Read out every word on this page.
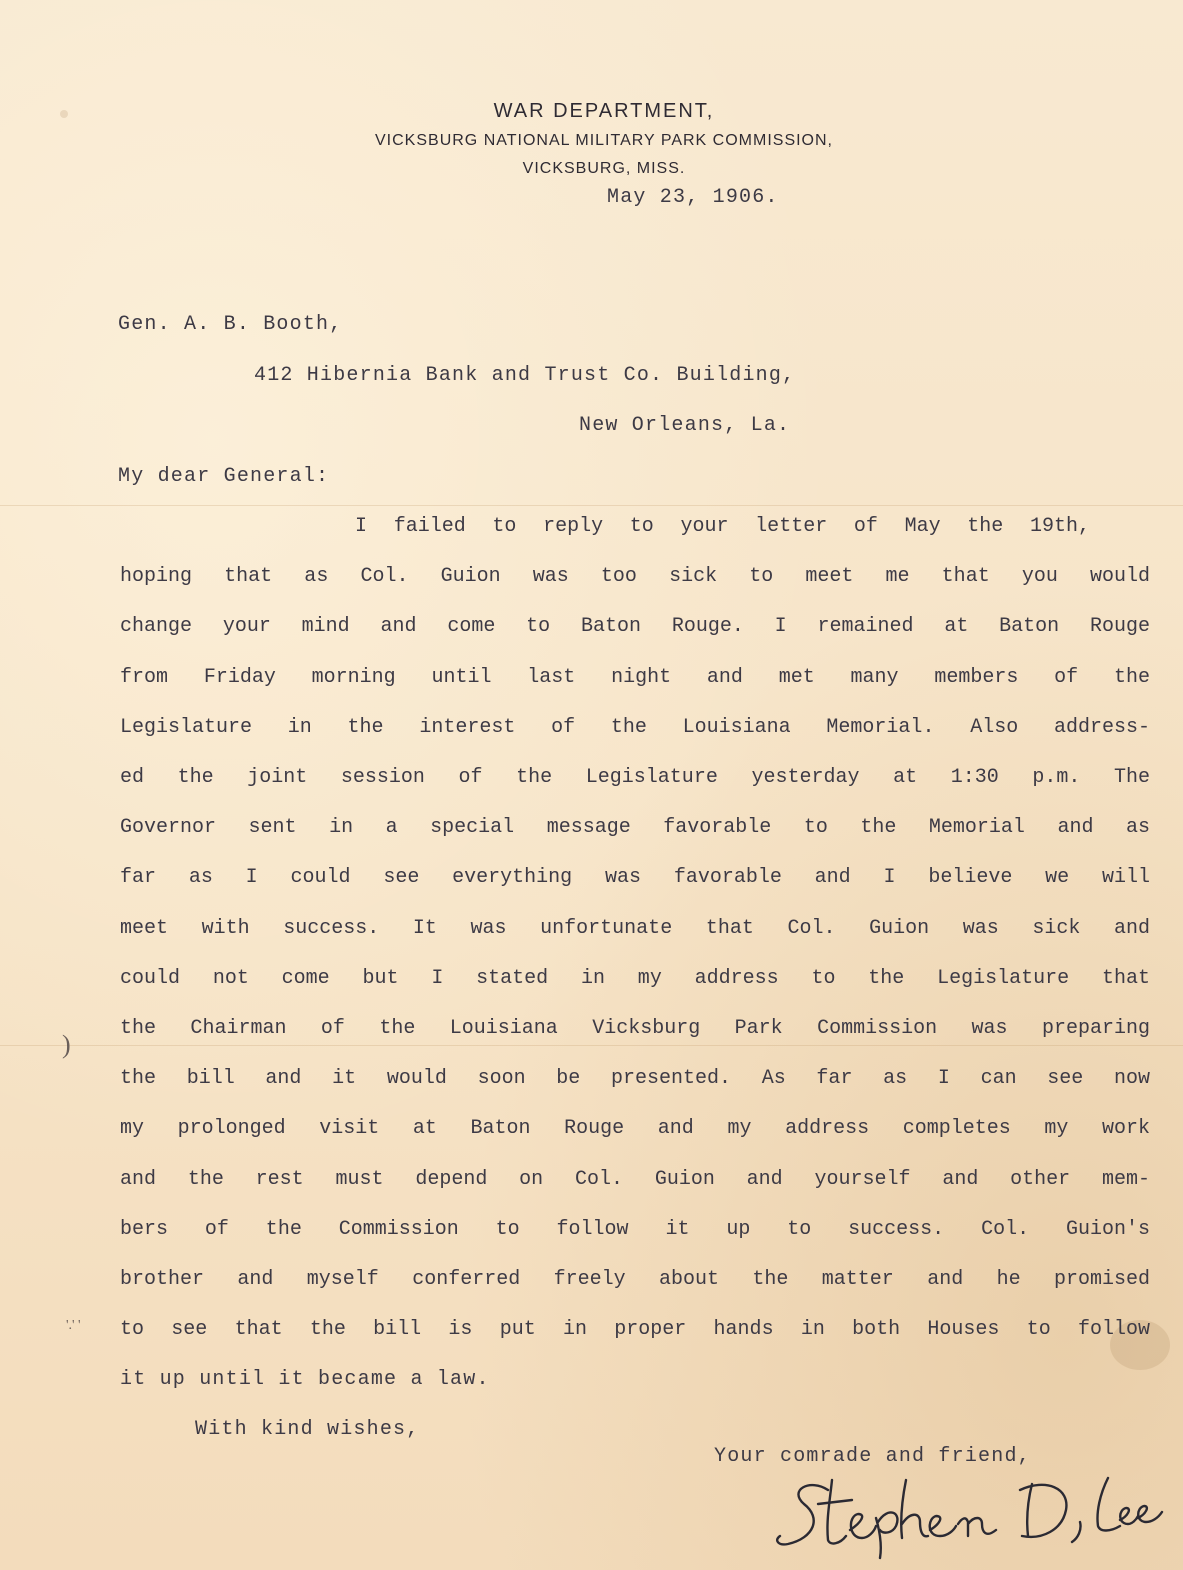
WAR DEPARTMENT,
VICKSBURG NATIONAL MILITARY PARK COMMISSION,
VICKSBURG, MISS.
May 23, 1906.
Gen. A. B. Booth,
412 Hibernia Bank and Trust Co. Building,
New Orleans, La.
My dear General:
I failed to reply to your letter of May the 19th,
hoping that as Col. Guion was too sick to meet me that you would
change your mind and come to Baton Rouge. I remained at Baton Rouge
from Friday morning until last night and met many members of the
Legislature in the interest of the Louisiana Memorial. Also address-
ed the joint session of the Legislature yesterday at 1:30 p.m. The
Governor sent in a special message favorable to the Memorial and as
far as I could see everything was favorable and I believe we will
meet with success. It was unfortunate that Col. Guion was sick and
could not come but I stated in my address to the Legislature that
the Chairman of the Louisiana Vicksburg Park Commission was preparing
the bill and it would soon be presented. As far as I can see now
my prolonged visit at Baton Rouge and my address completes my work
and the rest must depend on Col. Guion and yourself and other mem-
bers of the Commission to follow it up to success. Col. Guion's
brother and myself conferred freely about the matter and he promised
to see that the bill is put in proper hands in both Houses to follow
it up until it became a law.
With kind wishes,
Your comrade and friend,
)
'.' '
